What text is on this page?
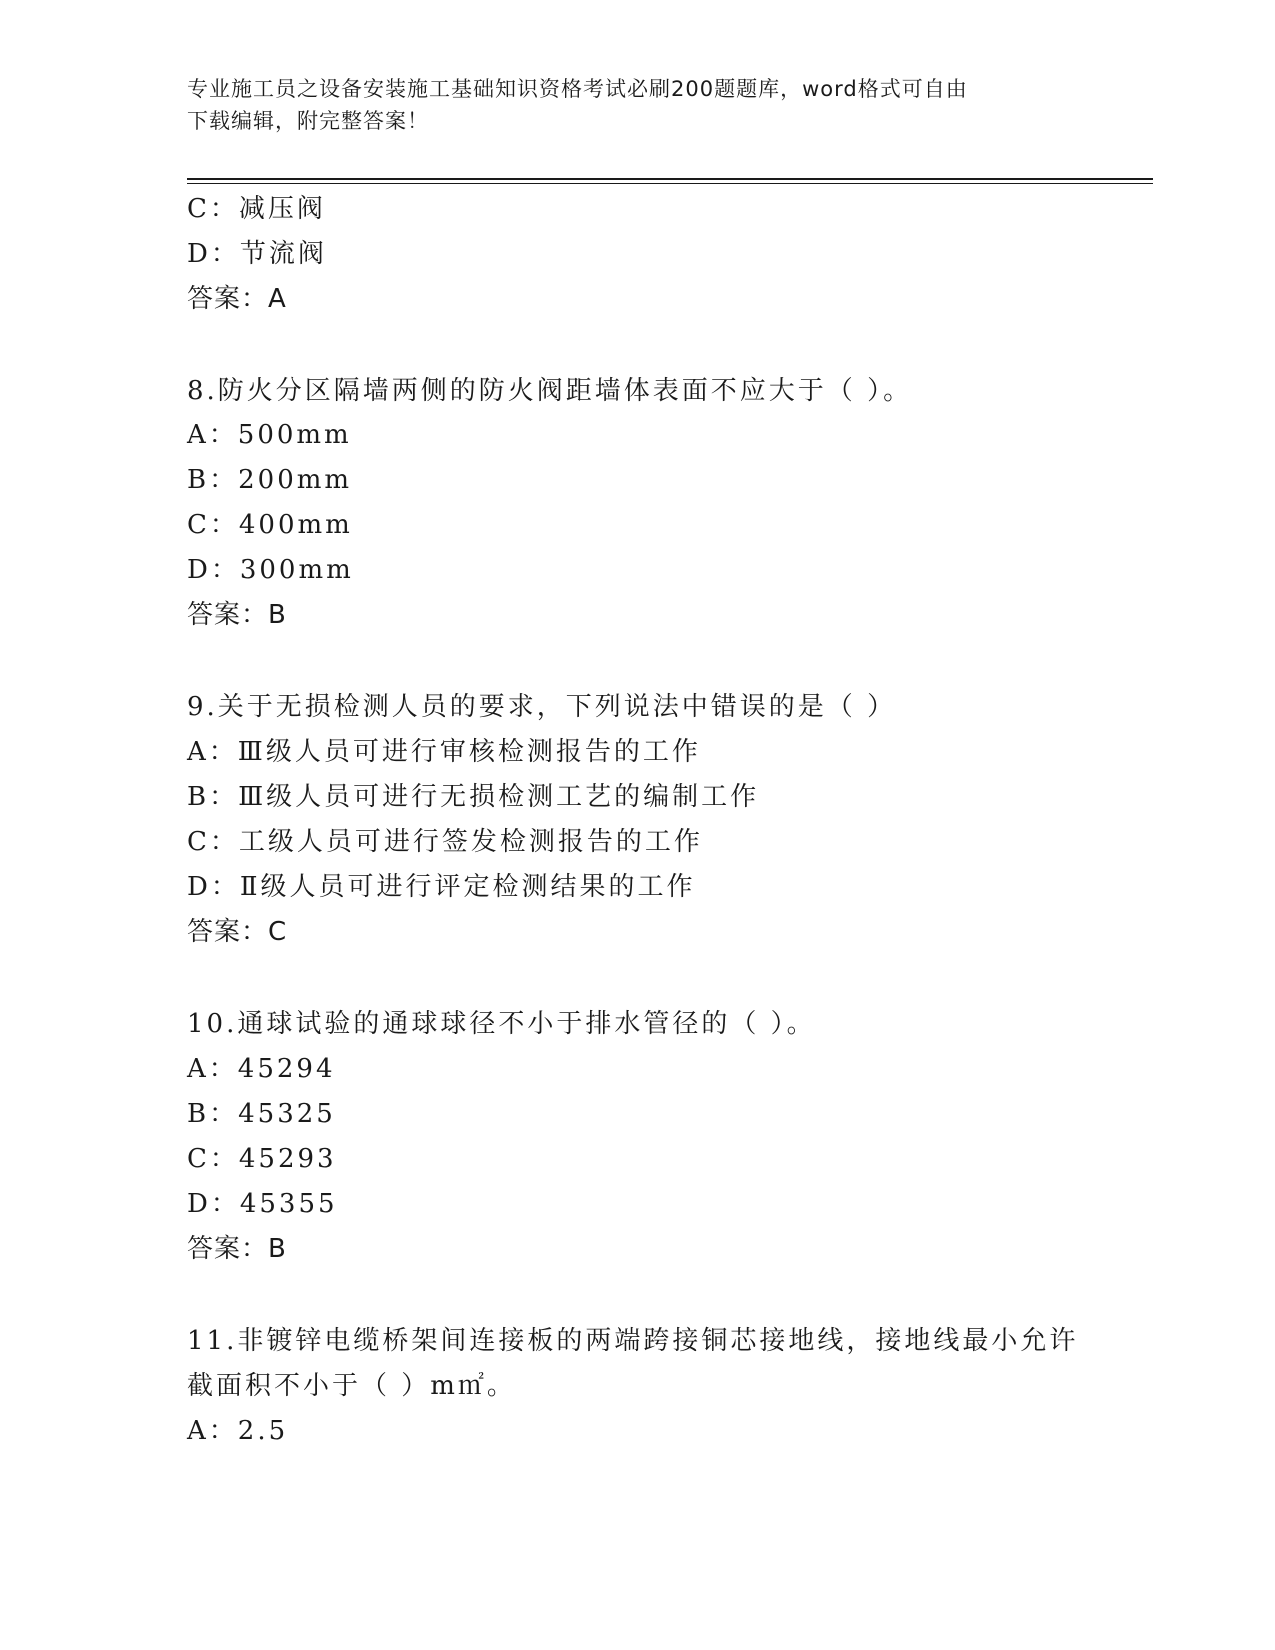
专业施工员之设备安装施工基础知识资格考试必刷200题题库，word格式可自由
下载编辑，附完整答案！
C：减压阀
D：节流阀
答案：A
8.防火分区隔墙两侧的防火阀距墙体表面不应大于（ ）。
A：500mm
B：200mm
C：400mm
D：300mm
答案：B
9.关于无损检测人员的要求，下列说法中错误的是（ ）
A：Ⅲ级人员可进行审核检测报告的工作
B：Ⅲ级人员可进行无损检测工艺的编制工作
C：工级人员可进行签发检测报告的工作
D：Ⅱ级人员可进行评定检测结果的工作
答案：C
10.通球试验的通球球径不小于排水管径的（ ）。
A：45294
B：45325
C：45293
D：45355
答案：B
11.非镀锌电缆桥架间连接板的两端跨接铜芯接地线，接地线最小允许
截面积不小于（ ）m㎡。
A：2.5
